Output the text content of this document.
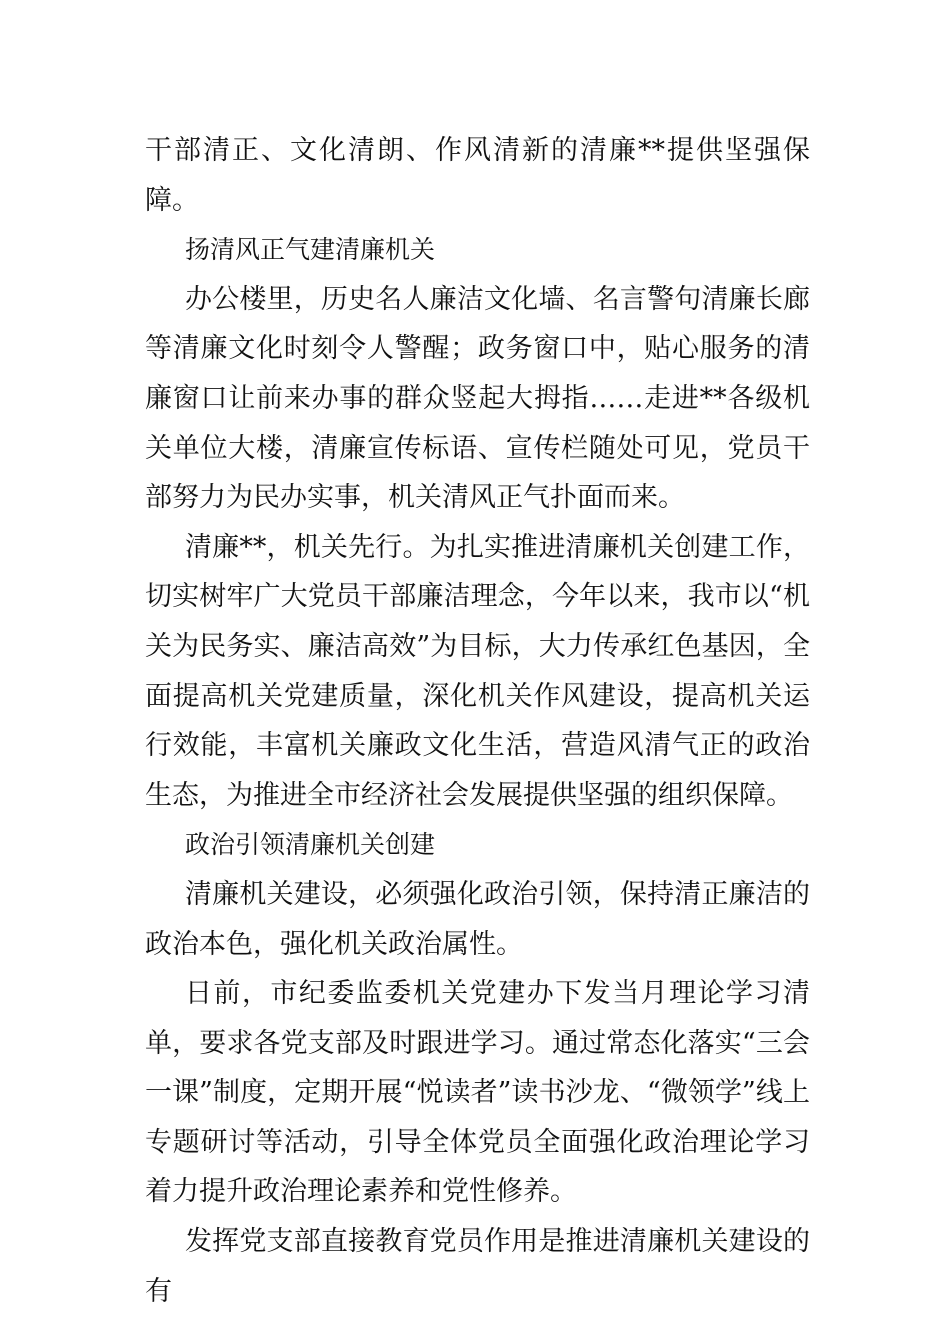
干部清正、文化清朗、作风清新的清廉**提供坚强保障。

扬清风正气建清廉机关

办公楼里，历史名人廉洁文化墙、名言警句清廉长廊等清廉文化时刻令人警醒；政务窗口中，贴心服务的清廉窗口让前来办事的群众竖起大拇指……走进**各级机关单位大楼，清廉宣传标语、宣传栏随处可见，党员干部努力为民办实事，机关清风正气扑面而来。

清廉**，机关先行。为扎实推进清廉机关创建工作，切实树牢广大党员干部廉洁理念，今年以来，我市以“机关为民务实、廉洁高效”为目标，大力传承红色基因，全面提高机关党建质量，深化机关作风建设，提高机关运行效能，丰富机关廉政文化生活，营造风清气正的政治生态，为推进全市经济社会发展提供坚强的组织保障。

政治引领清廉机关创建

清廉机关建设，必须强化政治引领，保持清正廉洁的政治本色，强化机关政治属性。

日前，市纪委监委机关党建办下发当月理论学习清单，要求各党支部及时跟进学习。通过常态化落实“三会一课”制度，定期开展“悦读者”读书沙龙、“微领学”线上专题研讨等活动，引导全体党员全面强化政治理论学习着力提升政治理论素养和党性修养。

发挥党支部直接教育党员作用是推进清廉机关建设的有
